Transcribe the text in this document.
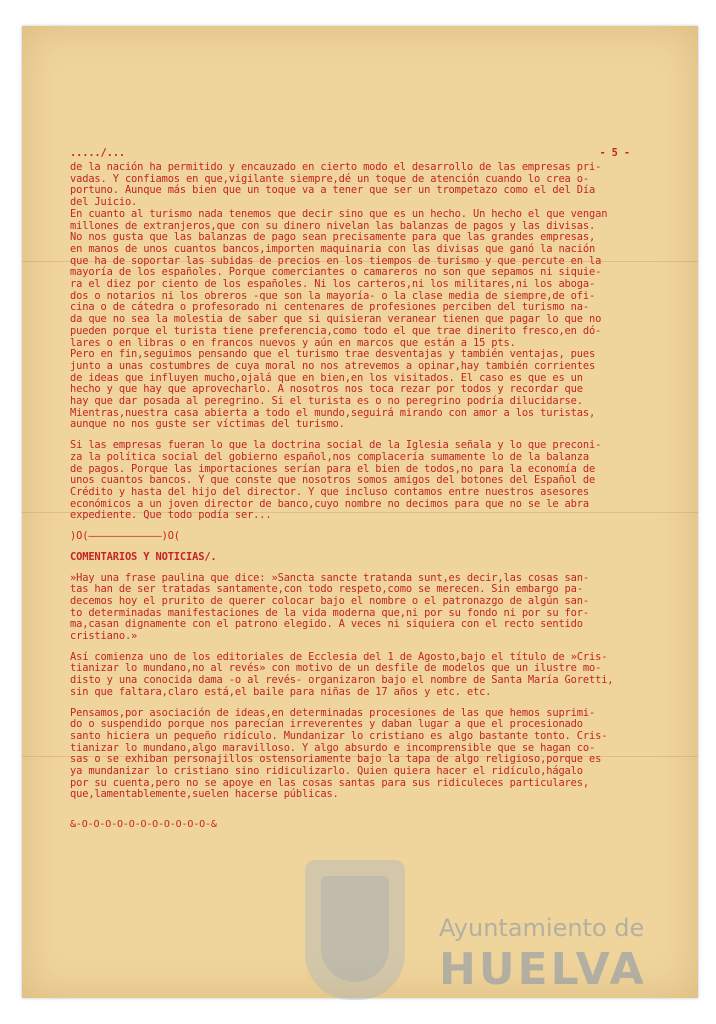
...../...	- 5 -

de la nación ha permitido y encauzado en cierto modo el desarrollo de las empresas pri-

vadas. Y confiamos en que,vigilante siempre,dé un toque de atención cuando lo crea o-

portuno. Aunque más bien que un toque va a tener que ser un trompetazo como el del Día

del Juicio.

En cuanto al turismo nada tenemos que decir sino que es un hecho. Un hecho el que vengan

millones de extranjeros,que con su dinero nivelan las balanzas de pagos y las divisas.

No nos gusta que las balanzas de pago sean precisamente para que las grandes empresas,

en manos de unos cuantos bancos,importen maquinaria con las divisas que ganó la nación

que ha de soportar las subidas de precios en los tiempos de turismo y que percute en la

mayoría de los españoles. Porque comerciantes o camareros no son que sepamos ni siquie-

ra el diez por ciento de los españoles. Ni los carteros,ni los militares,ni los aboga-

dos o notarios ni los obreros -que son la mayoría- o la clase media de siempre,de ofi-

cina o de cátedra o profesorado ni centenares de profesiones perciben del turismo na-

da que no sea la molestia de saber que si quisieran veranear tienen que pagar lo que no

pueden porque el turista tiene preferencia,como todo el que trae dinerito fresco,en dó-

lares o en libras o en francos nuevos y aún en marcos que están a 15 pts.

Pero en fin,seguimos pensando que el turismo trae desventajas y también ventajas, pues

junto a unas costumbres de cuya moral no nos atrevemos a opinar,hay también corrientes

de ideas que influyen mucho,ojalá que en bien,en los visitados. El caso es que es un

hecho y que hay que aprovecharlo. A nosotros nos toca rezar por todos y recordar que

hay que dar posada al peregrino. Si el turista es o no peregrino podría dilucidarse.

Mientras,nuestra casa abierta a todo el mundo,seguirá mirando con amor a los turistas,

aunque no nos guste ser víctimas del turismo.

Si las empresas fueran lo que la doctrina social de la Iglesia señala y lo que preconi-

za la política social del gobierno español,nos complacería sumamente lo de la balanza

de pagos. Porque las importaciones serían para el bien de todos,no para la economía de

unos cuantos bancos. Y que conste que nosotros somos amigos del botones del Español de

Crédito y hasta del hijo del director. Y que incluso contamos entre nuestros asesores

económicos a un joven director de banco,cuyo nombre no decimos para que no se le abra

expediente. Que todo podía ser...

)O(————————————)O(

COMENTARIOS Y NOTICIAS/.

»Hay una frase paulina que dice: »Sancta sancte tratanda sunt,es decir,las cosas san-

tas han de ser tratadas santamente,con todo respeto,como se merecen. Sin embargo pa-

decemos hoy el prurito de querer colocar bajo el nombre o el patronazgo de algún san-

to determinadas manifestaciones de la vida moderna que,ni por su fondo ni por su for-

ma,casan dignamente con el patrono elegido. A veces ni siquiera con el recto sentido

cristiano.»

Así comienza uno de los editoriales de Ecclesia del 1 de Agosto,bajo el título de »Cris-

tianizar lo mundano,no al revés» con motivo de un desfile de modelos que un ilustre mo-

disto y una conocida dama -o al revés- organizaron bajo el nombre de Santa María Goretti,

sin que faltara,claro está,el baile para niñas de 17 años y etc. etc.

Pensamos,por asociación de ideas,en determinadas procesiones de las que hemos suprimi-

do o suspendido porque nos parecían irreverentes y daban lugar a que el procesionado

santo hiciera un pequeño ridículo. Mundanizar lo cristiano es algo bastante tonto. Cris-

tianizar lo mundano,algo maravilloso. Y algo absurdo e incomprensible que se hagan co-

sas o se exhiban personajillos ostensoriamente bajo la tapa de algo religioso,porque es

ya mundanizar lo cristiano sino ridiculizarlo. Quien quiera hacer el ridículo,hágalo

por su cuenta,pero no se apoye en las cosas santas para sus ridiculeces particulares,

que,lamentablemente,suelen hacerse públicas.

&-O-O-O-O-O-O-O-O-O-O-O-&

Ayuntamiento de
HUELVA
